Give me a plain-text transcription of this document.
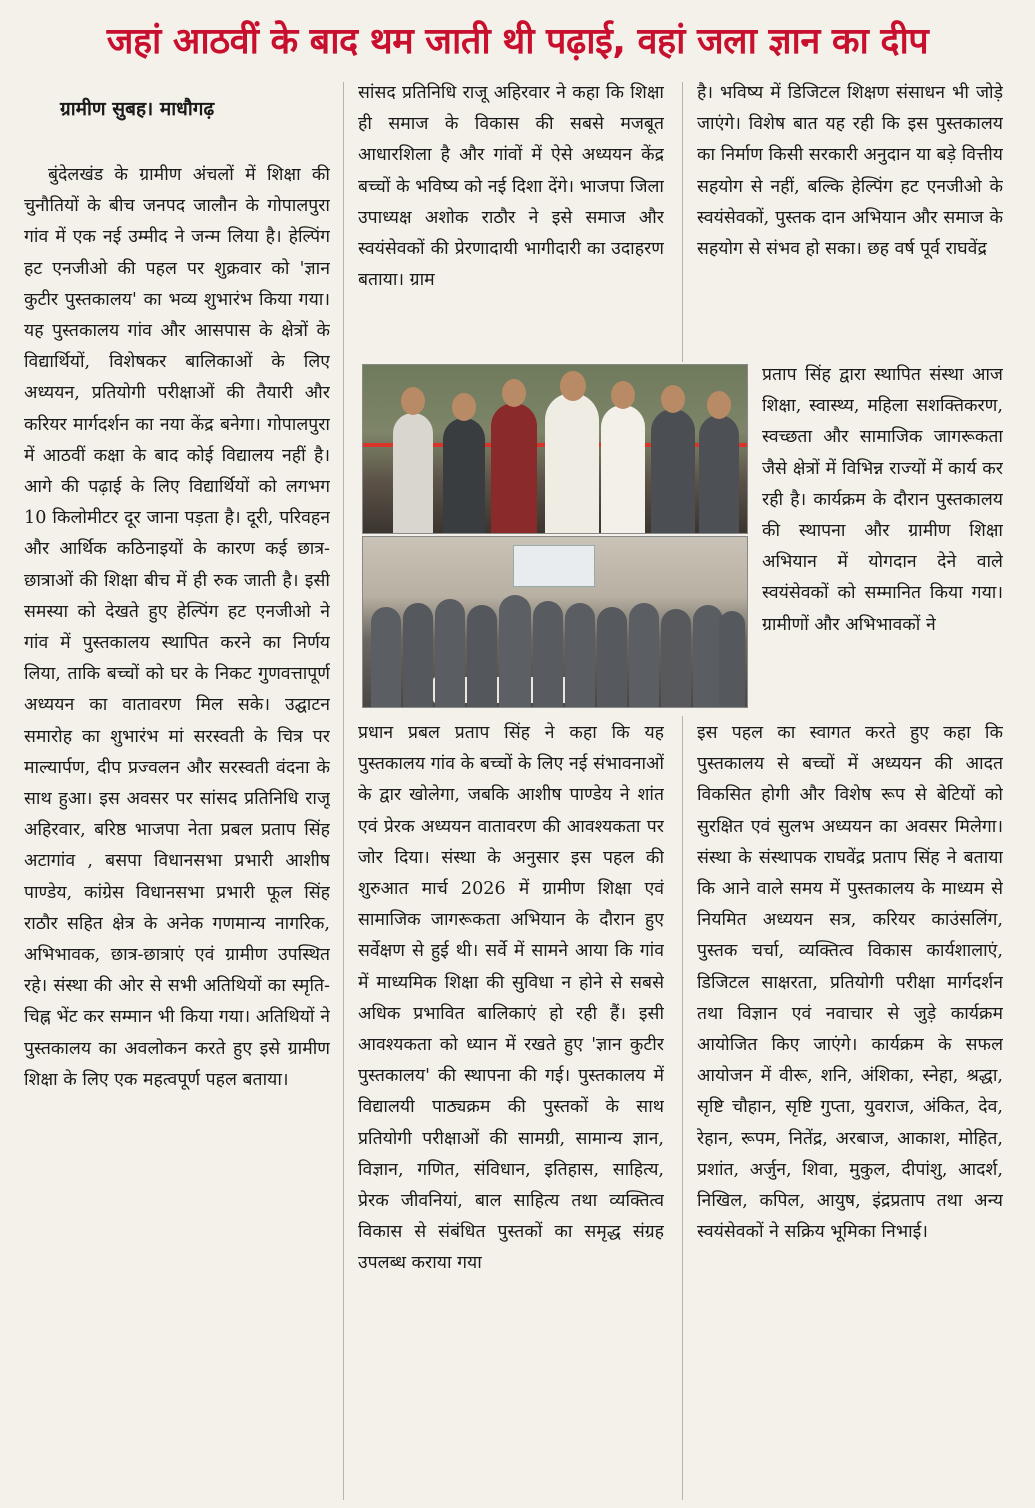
जहां आठवीं के बाद थम जाती थी पढ़ाई, वहां जला ज्ञान का दीप
ग्रामीण सुबह। माधौगढ़

बुंदेलखंड के ग्रामीण अंचलों में शिक्षा की चुनौतियों के बीच जनपद जालौन के गोपालपुरा गांव में एक नई उम्मीद ने जन्म लिया है। हेल्पिंग हट एनजीओ की पहल पर शुक्रवार को 'ज्ञान कुटीर पुस्तकालय' का भव्य शुभारंभ किया गया। यह पुस्तकालय गांव और आसपास के क्षेत्रों के विद्यार्थियों, विशेषकर बालिकाओं के लिए अध्ययन, प्रतियोगी परीक्षाओं की तैयारी और करियर मार्गदर्शन का नया केंद्र बनेगा। गोपालपुरा में आठवीं कक्षा के बाद कोई विद्यालय नहीं है। आगे की पढ़ाई के लिए विद्यार्थियों को लगभग 10 किलोमीटर दूर जाना पड़ता है। दूरी, परिवहन और आर्थिक कठिनाइयों के कारण कई छात्र-छात्राओं की शिक्षा बीच में ही रुक जाती है। इसी समस्या को देखते हुए हेल्पिंग हट एनजीओ ने गांव में पुस्तकालय स्थापित करने का निर्णय लिया, ताकि बच्चों को घर के निकट गुणवत्तापूर्ण अध्ययन का वातावरण मिल सके। उद्घाटन समारोह का शुभारंभ मां सरस्वती के चित्र पर माल्यार्पण, दीप प्रज्वलन और सरस्वती वंदना के साथ हुआ। इस अवसर पर सांसद प्रतिनिधि राजू अहिरवार, बरिष्ठ भाजपा नेता प्रबल प्रताप सिंह अटागांव , बसपा विधानसभा प्रभारी आशीष पाण्डेय, कांग्रेस विधानसभा प्रभारी फूल सिंह राठौर सहित क्षेत्र के अनेक गणमान्य नागरिक, अभिभावक, छात्र-छात्राएं एवं ग्रामीण उपस्थित रहे। संस्था की ओर से सभी अतिथियों का स्मृति-चिह्न भेंट कर सम्मान भी किया गया। अतिथियों ने पुस्तकालय का अवलोकन करते हुए इसे ग्रामीण शिक्षा के लिए एक महत्वपूर्ण पहल बताया।

सांसद प्रतिनिधि राजू अहिरवार ने कहा कि शिक्षा ही समाज के विकास की सबसे मजबूत आधारशिला है और गांवों में ऐसे अध्ययन केंद्र बच्चों के भविष्य को नई दिशा देंगे। भाजपा जिला उपाध्यक्ष अशोक राठौर ने इसे समाज और स्वयंसेवकों की प्रेरणादायी भागीदारी का उदाहरण बताया। ग्राम

प्रधान प्रबल प्रताप सिंह ने कहा कि यह पुस्तकालय गांव के बच्चों के लिए नई संभावनाओं के द्वार खोलेगा, जबकि आशीष पाण्डेय ने शांत एवं प्रेरक अध्ययन वातावरण की आवश्यकता पर जोर दिया। संस्था के अनुसार इस पहल की शुरुआत मार्च 2026 में ग्रामीण शिक्षा एवं सामाजिक जागरूकता अभियान के दौरान हुए सर्वेक्षण से हुई थी। सर्वे में सामने आया कि गांव में माध्यमिक शिक्षा की सुविधा न होने से सबसे अधिक प्रभावित बालिकाएं हो रही हैं। इसी आवश्यकता को ध्यान में रखते हुए 'ज्ञान कुटीर पुस्तकालय' की स्थापना की गई। पुस्तकालय में विद्यालयी पाठ्यक्रम की पुस्तकों के साथ प्रतियोगी परीक्षाओं की सामग्री, सामान्य ज्ञान, विज्ञान, गणित, संविधान, इतिहास, साहित्य, प्रेरक जीवनियां, बाल साहित्य तथा व्यक्तित्व विकास से संबंधित पुस्तकों का समृद्ध संग्रह उपलब्ध कराया गया

है। भविष्य में डिजिटल शिक्षण संसाधन भी जोड़े जाएंगे। विशेष बात यह रही कि इस पुस्तकालय का निर्माण किसी सरकारी अनुदान या बड़े वित्तीय सहयोग से नहीं, बल्कि हेल्पिंग हट एनजीओ के स्वयंसेवकों, पुस्तक दान अभियान और समाज के सहयोग से संभव हो सका। छह वर्ष पूर्व राघवेंद्र

प्रताप सिंह द्वारा स्थापित संस्था आज शिक्षा, स्वास्थ्य, महिला सशक्तिकरण, स्वच्छता और सामाजिक जागरूकता जैसे क्षेत्रों में विभिन्न राज्यों में कार्य कर रही है। कार्यक्रम के दौरान पुस्तकालय की स्थापना और ग्रामीण शिक्षा अभियान में योगदान देने वाले स्वयंसेवकों को सम्मानित किया गया। ग्रामीणों और अभिभावकों ने

इस पहल का स्वागत करते हुए कहा कि पुस्तकालय से बच्चों में अध्ययन की आदत विकसित होगी और विशेष रूप से बेटियों को सुरक्षित एवं सुलभ अध्ययन का अवसर मिलेगा।संस्था के संस्थापक राघवेंद्र प्रताप सिंह ने बताया कि आने वाले समय में पुस्तकालय के माध्यम से नियमित अध्ययन सत्र, करियर काउंसलिंग, पुस्तक चर्चा, व्यक्तित्व विकास कार्यशालाएं, डिजिटल साक्षरता, प्रतियोगी परीक्षा मार्गदर्शन तथा विज्ञान एवं नवाचार से जुड़े कार्यक्रम आयोजित किए जाएंगे। कार्यक्रम के सफल आयोजन में वीरू, शनि, अंशिका, स्नेहा, श्रद्धा, सृष्टि चौहान, सृष्टि गुप्ता, युवराज, अंकित, देव, रेहान, रूपम, नितेंद्र, अरबाज, आकाश, मोहित, प्रशांत, अर्जुन, शिवा, मुकुल, दीपांशु, आदर्श, निखिल, कपिल, आयुष, इंद्रप्रताप तथा अन्य स्वयंसेवकों ने सक्रिय भूमिका निभाई।
